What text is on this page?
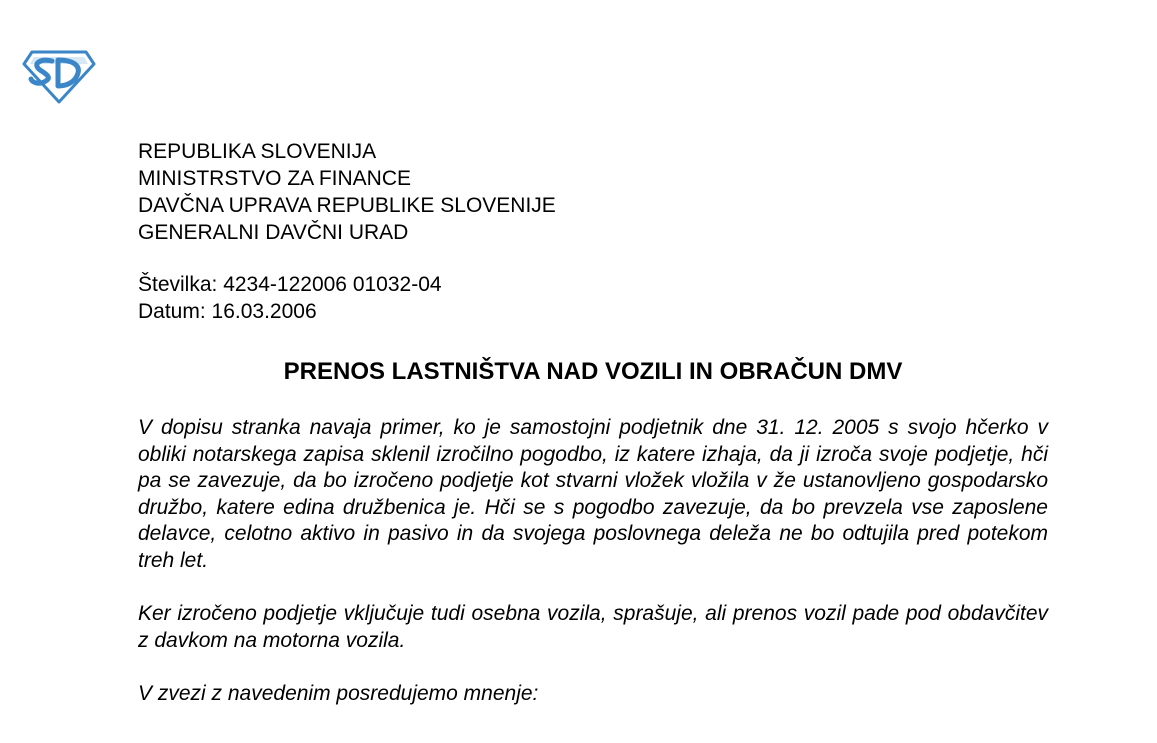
REPUBLIKA SLOVENIJA
MINISTRSTVO ZA FINANCE
DAVČNA UPRAVA REPUBLIKE SLOVENIJE
GENERALNI DAVČNI URAD
Številka: 4234-122006 01032-04
Datum: 16.03.2006
PRENOS LASTNIŠTVA NAD VOZILI IN OBRAČUN DMV

V dopisu stranka navaja primer, ko je samostojni podjetnik dne 31. 12. 2005 s svojo hčerko v obliki notarskega zapisa sklenil izročilno pogodbo, iz katere izhaja, da ji izroča svoje podjetje, hči pa se zavezuje, da bo izročeno podjetje kot stvarni vložek vložila v že ustanovljeno gospodarsko družbo, katere edina družbenica je. Hči se s pogodbo zavezuje, da bo prevzela vse zaposlene delavce, celotno aktivo in pasivo in da svojega poslovnega deleža ne bo odtujila pred potekom treh let.

Ker izročeno podjetje vključuje tudi osebna vozila, sprašuje, ali prenos vozil pade pod obdavčitev z davkom na motorna vozila.

V zvezi z navedenim posredujemo mnenje:
